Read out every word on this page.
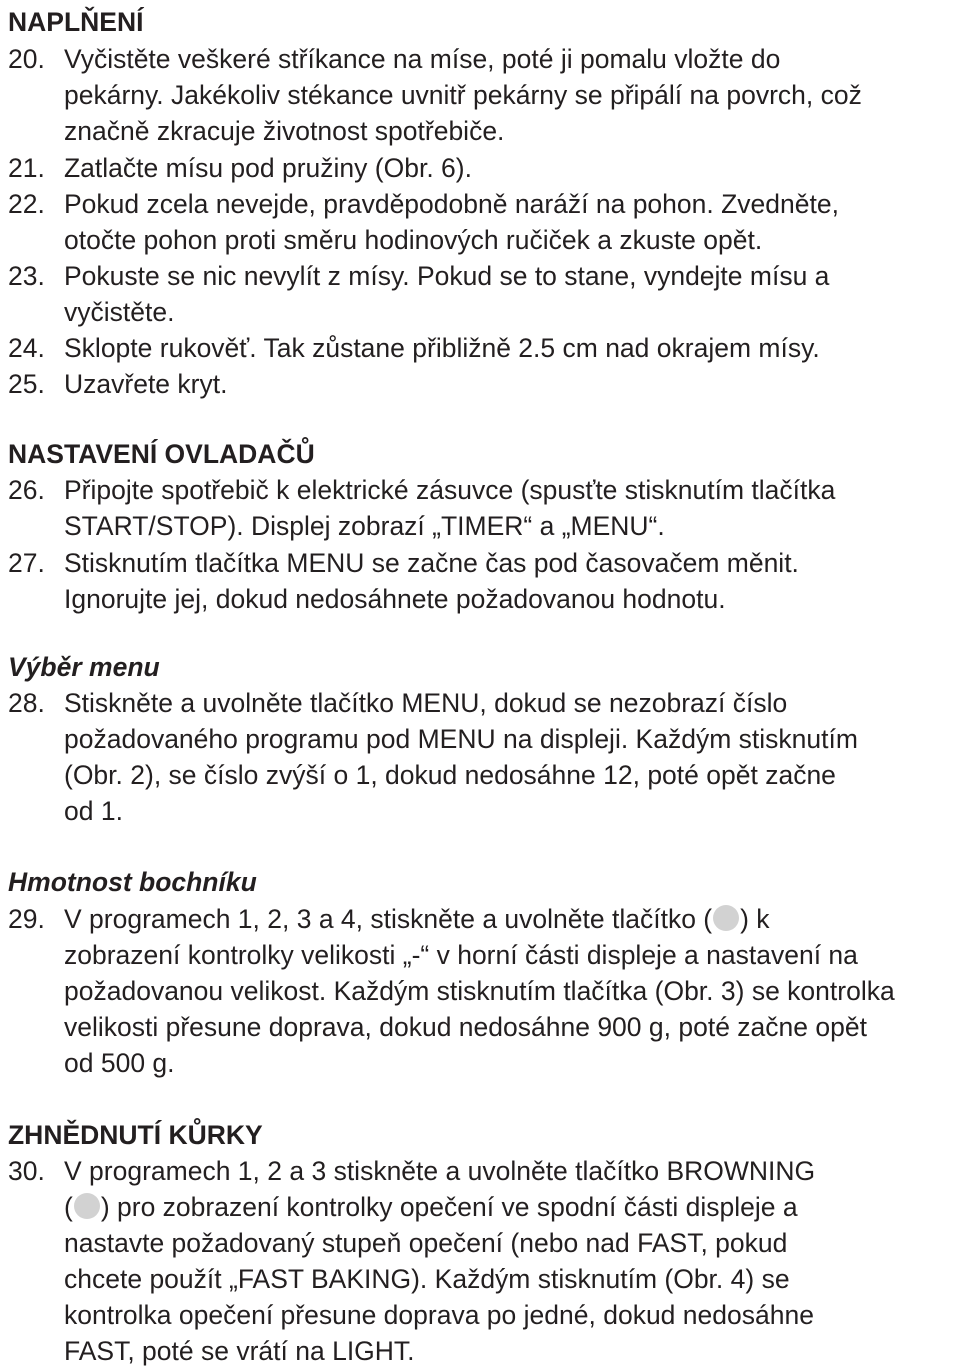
NAPLŇENÍ
20. Vyčistěte veškeré stříkance na míse, poté ji pomalu vložte do
pekárny. Jakékoliv stékance uvnitř pekárny se připálí na povrch, což
značně zkracuje životnost spotřebiče.
21. Zatlačte mísu pod pružiny (Obr. 6).
22. Pokud zcela nevejde, pravděpodobně naráží na pohon. Zvedněte,
otočte pohon proti směru hodinových ručiček a zkuste opět.
23. Pokuste se nic nevylít z mísy. Pokud se to stane, vyndejte mísu a
vyčistěte.
24. Sklopte rukověť. Tak zůstane přibližně 2.5 cm nad okrajem mísy.
25. Uzavřete kryt.
NASTAVENÍ OVLADAČŮ
26. Připojte spotřebič k elektrické zásuvce (spusťte stisknutím tlačítka
START/STOP). Displej zobrazí „TIMER“ a „MENU“.
27. Stisknutím tlačítka MENU se začne čas pod časovačem měnit.
Ignorujte jej, dokud nedosáhnete požadovanou hodnotu.
Výběr menu
28. Stiskněte a uvolněte tlačítko MENU, dokud se nezobrazí číslo
požadovaného programu pod MENU na displeji. Každým stisknutím
(Obr. 2), se číslo zvýší o 1, dokud nedosáhne 12, poté opět začne
od 1.
Hmotnost bochníku
29. V programech 1, 2, 3 a 4, stiskněte a uvolněte tlačítko ( ) k
zobrazení kontrolky velikosti „-“ v horní části displeje a nastavení na
požadovanou velikost. Každým stisknutím tlačítka (Obr. 3) se kontrolka
velikosti přesune doprava, dokud nedosáhne 900 g, poté začne opět
od 500 g.
ZHNĚDNUTÍ KŮRKY
30. V programech 1, 2 a 3 stiskněte a uvolněte tlačítko BROWNING
( ) pro zobrazení kontrolky opečení ve spodní části displeje a
nastavte požadovaný stupeň opečení (nebo nad FAST, pokud
chcete použít „FAST BAKING). Každým stisknutím (Obr. 4) se
kontrolka opečení přesune doprava po jedné, dokud nedosáhne
FAST, poté se vrátí na LIGHT.
